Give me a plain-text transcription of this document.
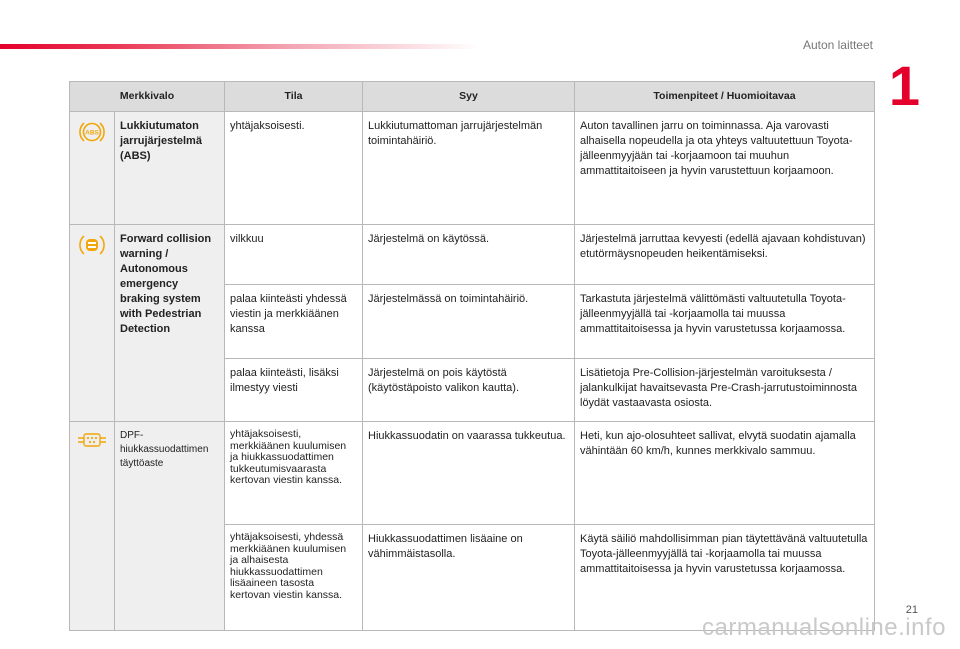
Auton laitteet
1
Merkkivalo		Tila	Syy	Toimenpiteet / Huomioitavaa

ABS	Lukkiutumaton jarrujärjestelmä (ABS)	yhtäjaksoisesti.	Lukkiutumattoman jarrujärjestelmän toimintahäiriö.	Auton tavallinen jarru on toiminnassa. Aja varovasti alhaisella nopeudella ja ota yhteys valtuutettuun Toyota-jälleenmyyjään tai -korjaamoon tai muuhun ammattitaitoiseen ja hyvin varustettuun korjaamoon.
	Forward collision warning / Autonomous emergency braking system with Pedestrian Detection	vilkkuu	Järjestelmä on käytössä.	Järjestelmä jarruttaa kevyesti (edellä ajavaan kohdistuvan) etutörmäysnopeuden heikentämiseksi.
		palaa kiinteästi yhdessä viestin ja merkkiäänen kanssa	Järjestelmässä on toimintahäiriö.	Tarkastuta järjestelmä välittömästi valtuutetulla Toyota-jälleenmyyjällä tai -korjaamolla tai muussa ammattitaitoisessa ja hyvin varustetussa korjaamossa.
		palaa kiinteästi, lisäksi ilmestyy viesti	Järjestelmä on pois käytöstä (käytöstäpoisto valikon kautta).	Lisätietoja Pre-Collision-järjestelmän varoituksesta / jalankulkijat havaitsevasta Pre-Crash-jarrutustoiminnosta löydät vastaavasta osiosta.
	DPF-hiukkassuodattimen täyttöaste	yhtäjaksoisesti, merkkiäänen kuulumisen ja hiukkassuodattimen tukkeutumisvaarasta kertovan viestin kanssa.	Hiukkassuodatin on vaarassa tukkeutua.	Heti, kun ajo-olosuhteet sallivat, elvytä suodatin ajamalla vähintään 60 km/h, kunnes merkkivalo sammuu.
		yhtäjaksoisesti, yhdessä merkkiäänen kuulumisen ja alhaisesta hiukkassuodattimen lisäaineen tasosta kertovan viestin kanssa.	Hiukkassuodattimen lisäaine on vähimmäistasolla.	Käytä säiliö mahdollisimman pian täytettävänä valtuutetulla Toyota-jälleenmyyjällä tai -korjaamolla tai muussa ammattitaitoisessa ja hyvin varustetussa korjaamossa.
21
carmanualsonline.info
